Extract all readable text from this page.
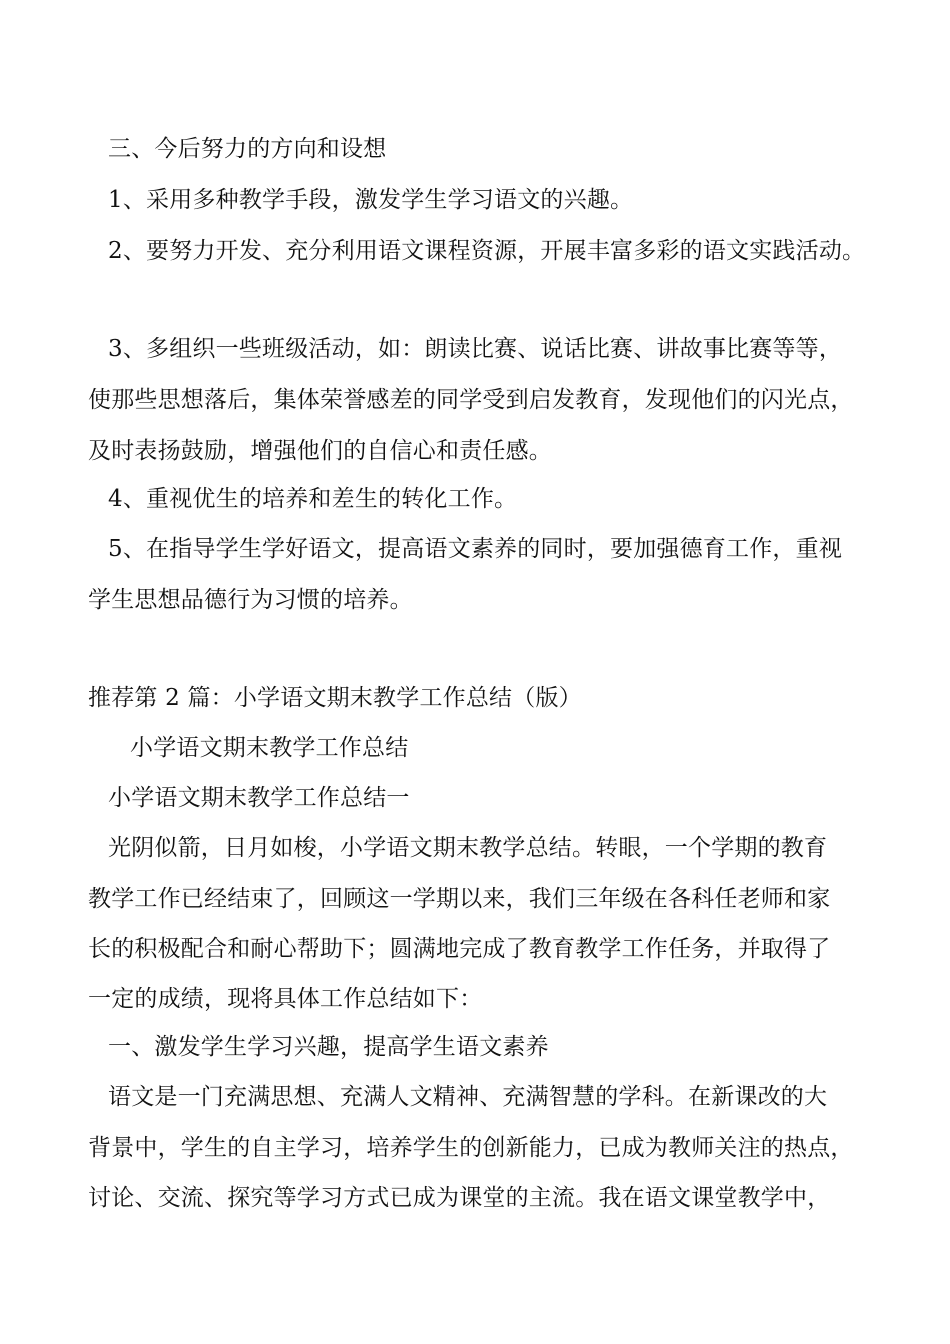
三、今后努力的方向和设想
1、采用多种教学手段，激发学生学习语文的兴趣。
2、要努力开发、充分利用语文课程资源，开展丰富多彩的语文实践活动。
3、多组织一些班级活动，如：朗读比赛、说话比赛、讲故事比赛等等，
使那些思想落后，集体荣誉感差的同学受到启发教育，发现他们的闪光点，
及时表扬鼓励，增强他们的自信心和责任感。
4、重视优生的培养和差生的转化工作。
5、在指导学生学好语文，提高语文素养的同时，要加强德育工作，重视
学生思想品德行为习惯的培养。
推荐第 2 篇：小学语文期末教学工作总结（版）
小学语文期末教学工作总结
小学语文期末教学工作总结一
光阴似箭，日月如梭，小学语文期末教学总结。转眼，一个学期的教育
教学工作已经结束了，回顾这一学期以来，我们三年级在各科任老师和家
长的积极配合和耐心帮助下；圆满地完成了教育教学工作任务，并取得了
一定的成绩，现将具体工作总结如下：
一、激发学生学习兴趣，提高学生语文素养
语文是一门充满思想、充满人文精神、充满智慧的学科。在新课改的大
背景中，学生的自主学习，培养学生的创新能力，已成为教师关注的热点，
讨论、交流、探究等学习方式已成为课堂的主流。我在语文课堂教学中，
